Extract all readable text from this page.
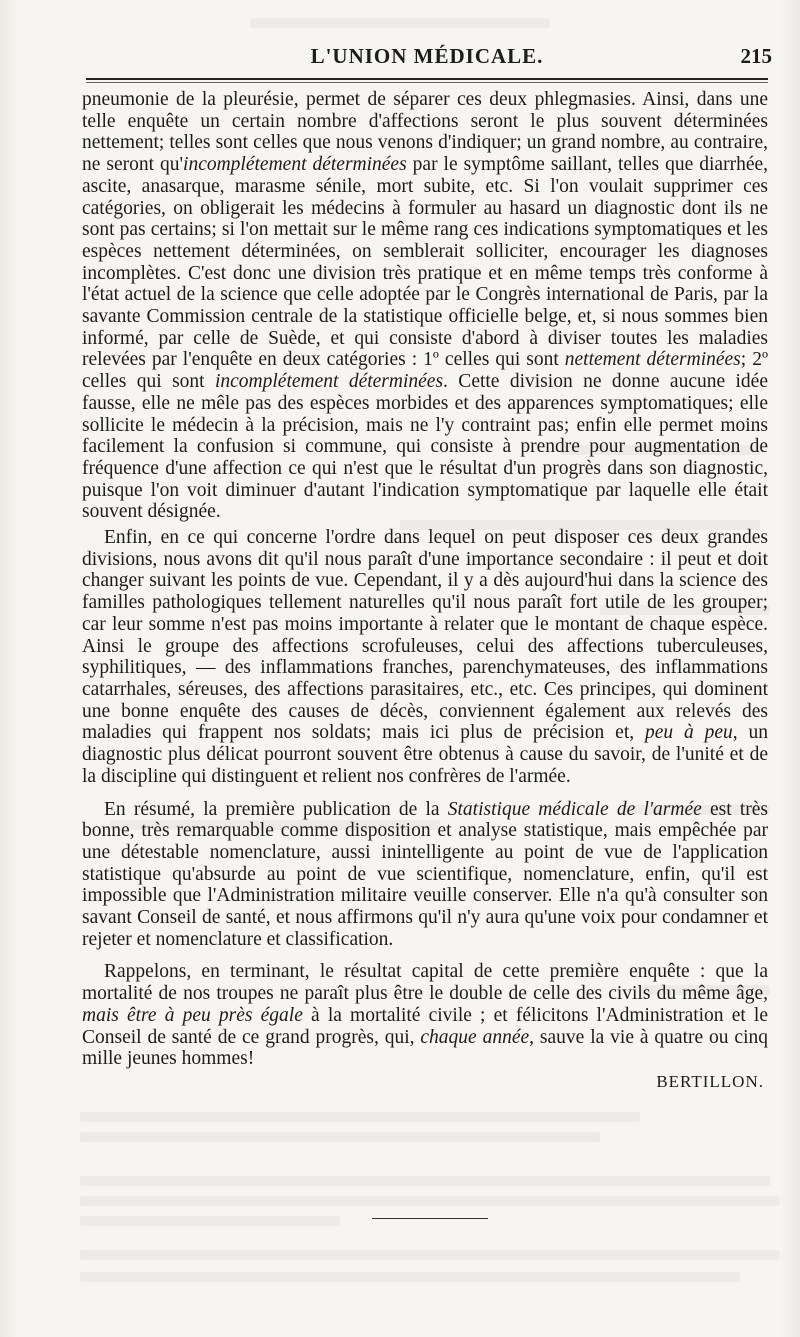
L'UNION MÉDICALE.	215

pneumonie de la pleurésie, permet de séparer ces deux phlegmasies. Ainsi, dans une telle enquête un certain nombre d'affections seront le plus souvent déterminées nettement; telles sont celles que nous venons d'indiquer; un grand nombre, au contraire, ne seront qu'incomplétement déterminées par le symptôme saillant, telles que diarrhée, ascite, anasarque, marasme sénile, mort subite, etc. Si l'on voulait supprimer ces catégories, on obligerait les médecins à formuler au hasard un diagnostic dont ils ne sont pas certains; si l'on mettait sur le même rang ces indications symptomatiques et les espèces nettement déterminées, on semblerait solliciter, encourager les diagnoses incomplètes. C'est donc une division très pratique et en même temps très conforme à l'état actuel de la science que celle adoptée par le Congrès international de Paris, par la savante Commission centrale de la statistique officielle belge, et, si nous sommes bien informé, par celle de Suède, et qui consiste d'abord à diviser toutes les maladies relevées par l'enquête en deux catégories : 1º celles qui sont nettement déterminées; 2º celles qui sont incomplétement déterminées. Cette division ne donne aucune idée fausse, elle ne mêle pas des espèces morbides et des apparences symptomatiques; elle sollicite le médecin à la précision, mais ne l'y contraint pas; enfin elle permet moins facilement la confusion si commune, qui consiste à prendre pour augmentation de fréquence d'une affection ce qui n'est que le résultat d'un progrès dans son diagnostic, puisque l'on voit diminuer d'autant l'indication symptomatique par laquelle elle était souvent désignée.

Enfin, en ce qui concerne l'ordre dans lequel on peut disposer ces deux grandes divisions, nous avons dit qu'il nous paraît d'une importance secondaire : il peut et doit changer suivant les points de vue. Cependant, il y a dès aujourd'hui dans la science des familles pathologiques tellement naturelles qu'il nous paraît fort utile de les grouper; car leur somme n'est pas moins importante à relater que le montant de chaque espèce. Ainsi le groupe des affections scrofuleuses, celui des affections tuberculeuses, syphilitiques, — des inflammations franches, parenchymateuses, des inflammations catarrhales, séreuses, des affections parasitaires, etc., etc. Ces principes, qui dominent une bonne enquête des causes de décès, conviennent également aux relevés des maladies qui frappent nos soldats; mais ici plus de précision et, peu à peu, un diagnostic plus délicat pourront souvent être obtenus à cause du savoir, de l'unité et de la discipline qui distinguent et relient nos confrères de l'armée.

En résumé, la première publication de la Statistique médicale de l'armée est très bonne, très remarquable comme disposition et analyse statistique, mais empêchée par une détestable nomenclature, aussi inintelligente au point de vue de l'application statistique qu'absurde au point de vue scientifique, nomenclature, enfin, qu'il est impossible que l'Administration militaire veuille conserver. Elle n'a qu'à consulter son savant Conseil de santé, et nous affirmons qu'il n'y aura qu'une voix pour condamner et rejeter et nomenclature et classification.

Rappelons, en terminant, le résultat capital de cette première enquête : que la mortalité de nos troupes ne paraît plus être le double de celle des civils du même âge, mais être à peu près égale à la mortalité civile ; et félicitons l'Administration et le Conseil de santé de ce grand progrès, qui, chaque année, sauve la vie à quatre ou cinq mille jeunes hommes!

BERTILLON.
